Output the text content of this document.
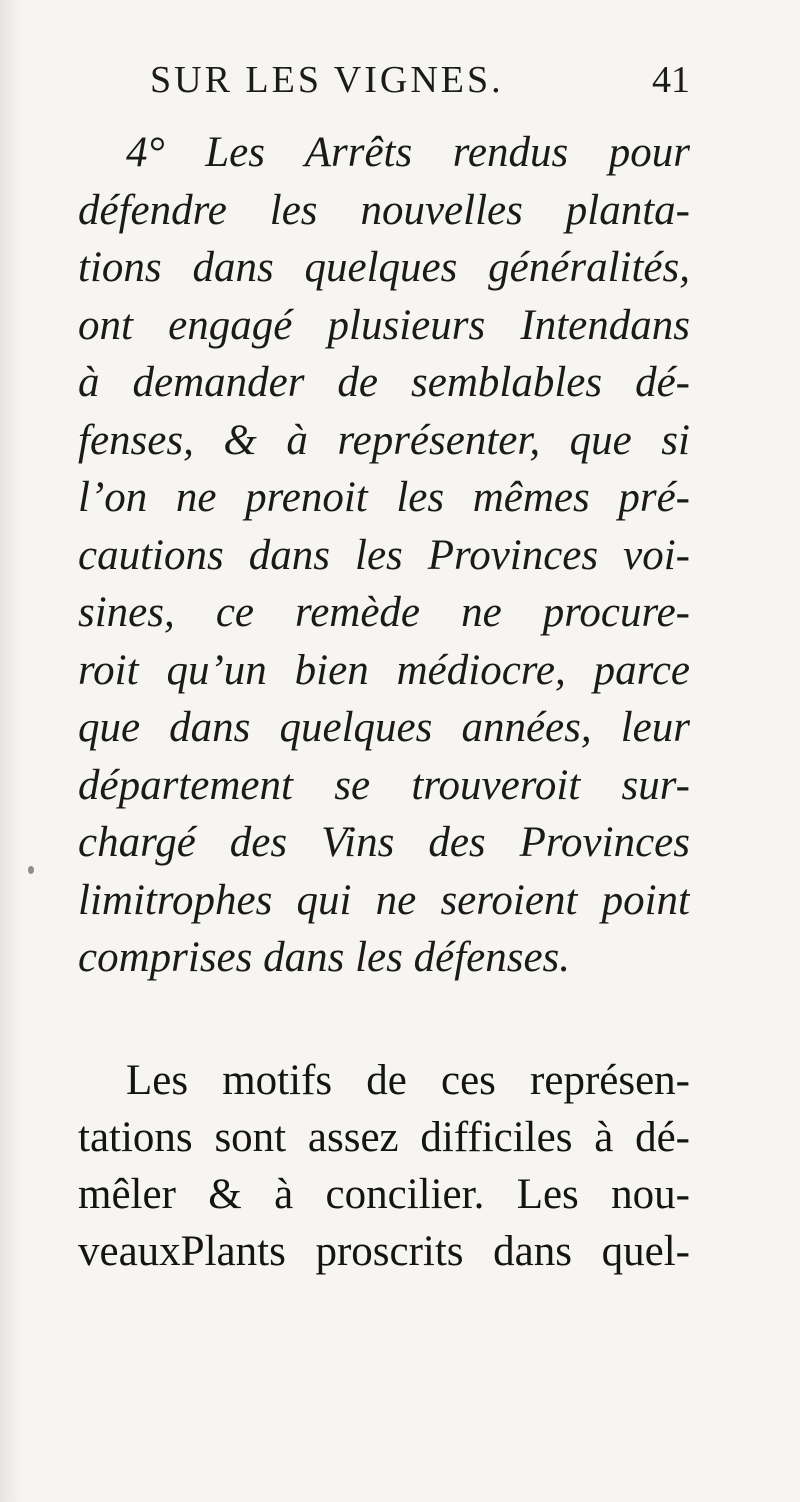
SUR LES VIGNES.	41
4° Les Arrêts rendus pour
défendre les nouvelles planta-
tions dans quelques généralités,
ont engagé plusieurs Intendans
à demander de semblables dé-
fenses, & à représenter, que si
l’on ne prenoit les mêmes pré-
cautions dans les Provinces voi-
sines, ce remède ne procure-
roit qu’un bien médiocre, parce
que dans quelques années, leur
département se trouveroit sur-
chargé des Vins des Provinces
limitrophes qui ne seroient point
comprises dans les défenses.
Les motifs de ces représen-
tations sont assez difficiles à dé-
mêler & à concilier. Les nou-
veauxPlants proscrits dans quel-
